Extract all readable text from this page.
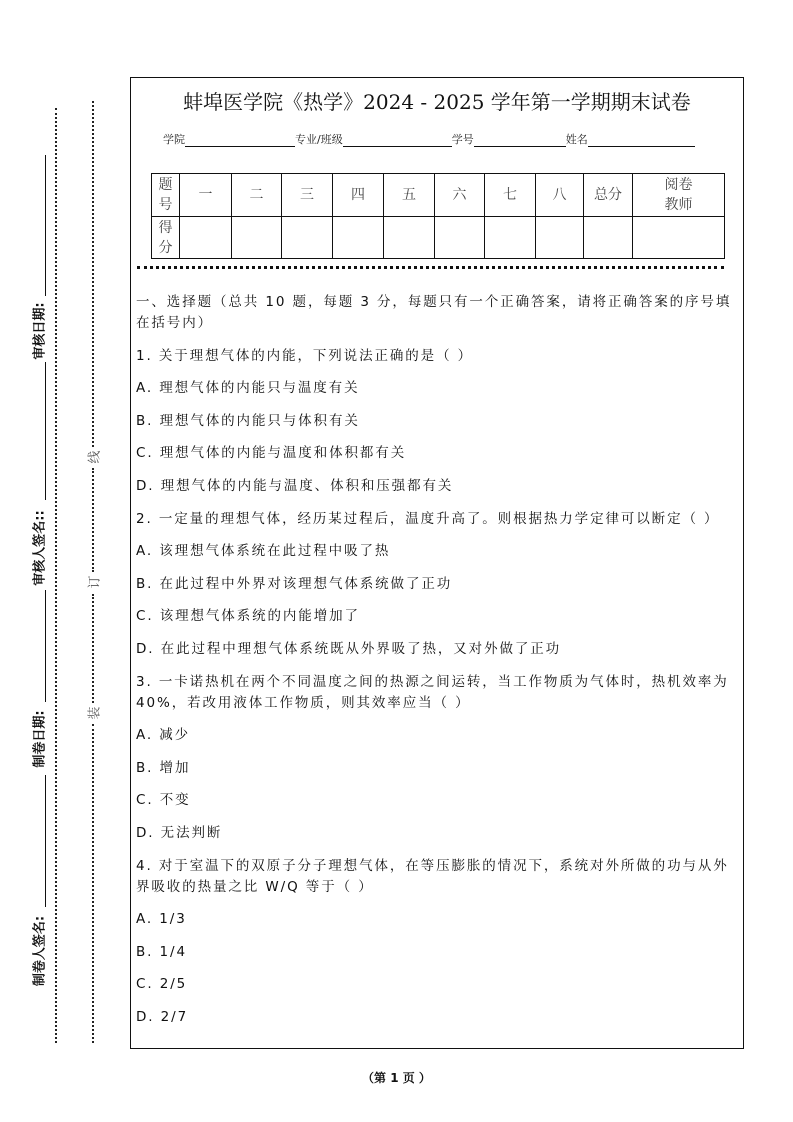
审核日期:
审核人签名::
制卷日期:
制卷人签名:
线
订
装
蚌埠医学院《热学》2024 - 2025 学年第一学期期末试卷
学院	专业/班级	学号	姓名
题号	一	二	三	四	五	六	七	八	总分	阅卷教师
得分										

一、选择题（总共 10 题，每题 3 分，每题只有一个正确答案，请将正确答案的序号填在括号内）

1. 关于理想气体的内能，下列说法正确的是（ ）

A. 理想气体的内能只与温度有关

B. 理想气体的内能只与体积有关

C. 理想气体的内能与温度和体积都有关

D. 理想气体的内能与温度、体积和压强都有关

2. 一定量的理想气体，经历某过程后，温度升高了。则根据热力学定律可以断定（ ）

A. 该理想气体系统在此过程中吸了热

B. 在此过程中外界对该理想气体系统做了正功

C. 该理想气体系统的内能增加了

D. 在此过程中理想气体系统既从外界吸了热，又对外做了正功

3. 一卡诺热机在两个不同温度之间的热源之间运转，当工作物质为气体时，热机效率为 40%，若改用液体工作物质，则其效率应当（ ）

A. 减少

B. 增加

C. 不变

D. 无法判断

4. 对于室温下的双原子分子理想气体，在等压膨胀的情况下，系统对外所做的功与从外界吸收的热量之比 W/Q 等于（ ）

A. 1/3

B. 1/4

C. 2/5

D. 2/7

（第 1 页 ）
